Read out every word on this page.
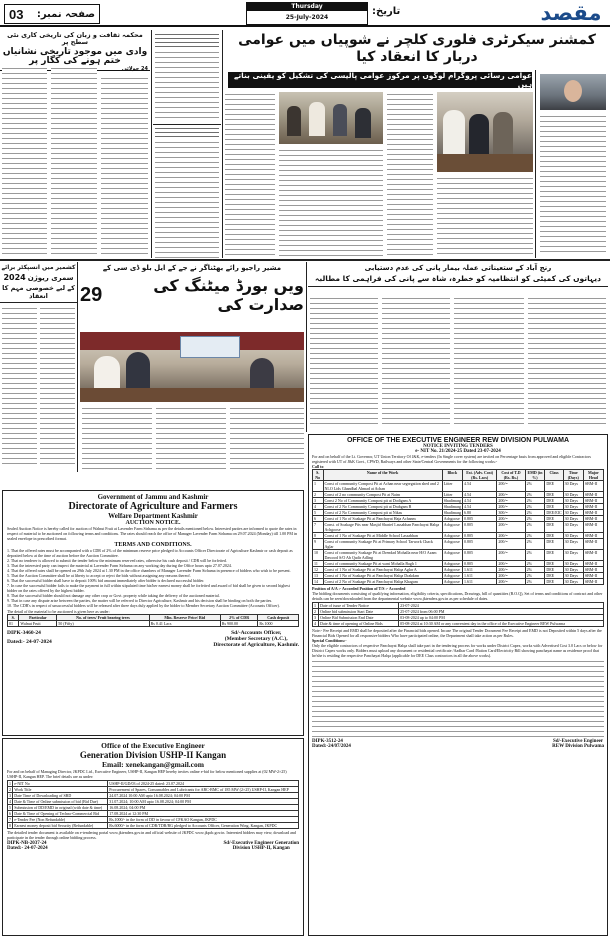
03 صفحہ نمبر:
Thursday
25-July-2024
تاریخ:	مقصد
محکمہ ثقافت و زبان کی تاریخی کاری نئی سطح پر
وادی میں موجود تاریخی نشانیاں ختم ہونے کی کگار پر
24 جولائی
کمشنر سیکرٹری فلوری کلچر نے شوپیاں میں عوامی دربار کا انعقاد کیا
عوامی رسائی پروگرام لوگوں پر مرکوز عوامی پالیسی کی تشکیل کو یقینی بناتے ہیں
مشیر راجیو رائے بھٹناگر نے جے کے ایل بلو ڈی سی کے
ویں بورڈ میٹنگ کی صدارت کی
29
کشمیر میں انسپکٹر برائے
سمری ریوژن
2024
کے لیے خصوصی مہم کا انعقاد
رنج آباد کے ستعیناتی عملہ بیمار پانی کی عدم دستیابی
دیہاتوں کی کمیٹی کو انتظامیہ کو خطرہ، شاہ سے پانی کی فراہمی کا مطالبہ
OFFICE OF THE EXECUTIVE ENGINEER REW DIVISION PULWAMA
NOTICE INVITING TENDERS
e- NIT No. 21/2024-25 Dated 23-07-2024
For and on behalf of the Lt. Governor, UT Union Territory Of J&K, e-tenders (In Single cover system) are invited on Percentage basis from approved and eligible Contractors registered with UT of J&K Govt., CPWD, Railways and other State/Central Governments for the following works:-
Call to
S. No	Name of the Work	Block	Est. (Adv. Cost) (Rs. Lacs)	Cost of T.D (Rs. Rs.)	EMD (in %)	Class	Time (Days)	Major Head
1	Const of community Compost Pit at Achan near segregation shed and 2 NLO Lids Ghandbal Ahmad at Achan	Litter	4.54	200/=	2%	DEE	30 Days	SBM-II
2	Const of 2 no community Compost Pit at Naim	Litter	4.54	200/=	2%	DEE	30 Days	SBM-II
3	Const 2 No of Community Compost pit at Dodigam A	Shadimarg	4.54	200/=	2%	DEE	30 Days	SBM-II
4	Const of 2 No Community Compost pit at Drabgam B	Shadimarg	4.54	200/=	2%	DEE	30 Days	SBM-II
5	Const of 2 No Community Compost pit at Nikas	Shadimarg	6.80	300/=	2%	DEE/EIC	30 Days	SBM-II
6	Const of 1 No of Soakage Pit at Panchayat Haja Achanm	Achgoose	0.805	200/=	2%	DEE	30 Days	SBM-II
7	Const. of Soakage Pits near Masjid Sharief Lassabhan Panchayat Halqa Achgoose	Achgoose	0.805	200/=	2%	DEE	30 Days	SBM-II
8	Const of 1 No of Soakage Pit at Middle School Lassabhan	Achgoose	0.805	200/=	2%	DEE	30 Days	SBM-II
9	Const of community Soakage Pit at Primary School Tarwork Chack Aglar	Achgoose	0.805	200/=	2%	DEE	30 Days	SBM-II
10	Const of community Soakage Pit at Drendad Mohalla near H/O Azam Dawood S/O Ab Qadir Adling	Achgoose	0.805	200/=	2%	DEE	30 Days	SBM-II
11	Const of community Soakage Pit at wani Mohalla Bagh 1	Achgoose	0.805	200/=	2%	DEE	30 Days	SBM-II
12	Const of 1 No of Soakage Pit at Panchayat Halqa Aglar A	Achgoose	1.611	200/=	2%	DEE	30 Days	SBM-II
13	Const of 1 No of Soakage Pit at Panchayat Halqa Drakdam	Achgoose	1.611	200/=	2%	DEE	30 Days	SBM-II
14	Const of 2 No of Soakage Pit at Panchayat Halqa Khagam	Achgoose	1.611	200/=	2%	DEE	30 Days	SBM-II
Position of A/A :- Accorded Position of T/S :- Accorded
The bidding documents consisting of qualifying information, eligibility criteria, specifications, Drawings, bill of quantities (B.O.Q), Set of terms and conditions of contract and other details can be seen/downloaded from the departmental website www.jktenders.gov.in as per schedule of dates.
1	Date of issue of Tender Notice	23-07-2024
2	Online bid submission Start Date	25-07-2024 from 06:00 PM
3	Online Bid Submission End Date	03-08-2024 up to 04:00 PM
4	Date & time of opening of Online Bids	05-08-2024 at 10:30 AM or any convenient day in the office of the Executive Engineer REW Pulwama
Note:- Fee Receipt and EMD shall be deposited after the Financial bids opened. Incase The original Tender Document Fee Receipt and EMD is not Deposited within 5 days after the Financial Bids Opened for all responsive bidders Who have participated online, the Department shall take action as per Rules.
Special Conditions:-
Only the eligible contractors of respective Panchayat Halqa shall take part in the tendering process for works under District Capex, works with Advertised Cost 3.0 Lacs or below for District Capex works only. Bidders must upload any document or residential certificate /Aadhar Card /Ration Card/Electricity Bill showing panchayat name as residence proof that he/she is residing the respective Panchayat Halqa (applicable for DEE Class contractors in all the above works).
DIPK-3512-24
Dated:-24/07/2024
Sd/-Executive Engineer
REW Division Pulwama
Government of Jammu and Kashmir
Directorate of Agriculture and Farmers
Welfare Department Kashmir
AUCTION NOTICE.
Sealed Auction Notice is hereby called for auction of Walnut Fruit at Lavender Farm Sirhama as per the details mentioned below. Interested parties are informed to quote the rates in respect of material to be auctioned on following terms and conditions. The rates should reach the office of Manager Lavender Farm Sirhama on 29.07.2024 (Monday) till 1.00 PM in sealed envelope in prescribed format.
TERMS AND CONDITIONS.
1. That the offered rates must be accompanied with a CDR of 2% of the minimum reserve price pledged to Accounts Officer Directorate of Agriculture Kashmir or cash deposit as deposited below at the time of auction before the Auction Committee.
2. That no tenderer is allowed to submit the tender below the minimum reserved rates, otherwise his cash deposit / CDR will be forfeited.
3. That the interested party can inspect the material at Lavender Farm Sirhama on any working day during the Office hours upto 27.07.2024.
4. That the offered rates shall be opened on 29th July 2024 at 1.30 PM in the office chambers of Manager Lavender Farm Sirhama in presence of bidders who wish to be present.
5. That the Auction Committee shall be at liberty to accept or reject the bids without assigning any reasons thereof.
6. That the successful bidder shall have to deposit 100% bid amount immediately after bidder is declared successful bidder.
7. In case the successful bidder fails to make the payment in full within stipulated time his/her earnest money shall be forfeited and award of bid shall be given to second highest bidder on the rates offered by the highest bidder.
8. That the successful bidder should not damage any other crop or Govt. property while taking the delivery of the auctioned material.
9. That in case any dispute arise between the parties, the matter will be referred to Director Agriculture, Kashmir and his decision shall be binding on both the parties.
10. The CDR's in respect of unsuccessful bidders will be released after three days duly applied by the bidder to Member Secretary Auction Committee (Accounts Officer).
The detail of the material to be auctioned is given here as under:
S.	Particular	No. of trees/ Fruit bearing trees	Min. Reserve Price/ Bid	2% of CDR	Cash deposit
01	Walnut Fruit	50 (Fifty)	Rs 0.41 Lacs	Rs 900.00	Rs 1000
DIPK-3460-24
Dated:- 24-07-2024
Sd/-Accounts Officer,
(Member Secretary (A.C.),
Directorate of Agriculture, Kashmir.
Office of the Executive Engineer
Generation Division USHP-II Kangan
Email: xenekangan@gmail.com
For and on behalf of Managing Director, JKPDC Ltd., Executive Engineer, USHP-II, Kangan HEP hereby invites online e-bid for below mentioned supplies at (02 MW-2×25) USHP-II, Kangan HEP. The brief details are as under:
1	e-NIT No	USHP-II/GD/03 of 2024-25 dated: 23.07.2024
2	Work Title	Procurement of Spares, Consumables and Lubricants for ABC-BMC of 185 MW (2×25) USHP-II, Kangan HEP
3	Date Time of Downloading of SBD	24.07.2024 10:00 AM upto 16.08.2024; 04:00 PM
4	Date & Time of Online submission of bid (Bid Due)	31.07.2024; 10:00 AM upto 16.08.2024; 04:00 PM
5	Submission of DD/EMD in original (with date & time)	16.08.2024; 04:00 PM
6	Date & Time of Opening of Techno-Commercial Bid	17.08.2024 at 12:30 PM
7	e-Tender Fee (Non Refundable)	Rs.1000/- in the form of DD in favour of CFKAO Kangan, JKPDC
8	Earnest money deposit bid Security (Refundable)	Rs.6000/- in the form of CDR/TDR/BG pledged to Accounts Officer, Generation Wing, Kangan, JKPDC
The detailed tender document is available on e-tendering portal www.jktenders.gov.in and official website of JKPDC www.jkpdc.gov.in. Interested bidders may view, download and participate in the tender through online bidding process.
DIPK-NB-2037-24
Dated:- 24-07-2024
Sd/-Executive Engineer Generation
Division USHP-II, Kangan
